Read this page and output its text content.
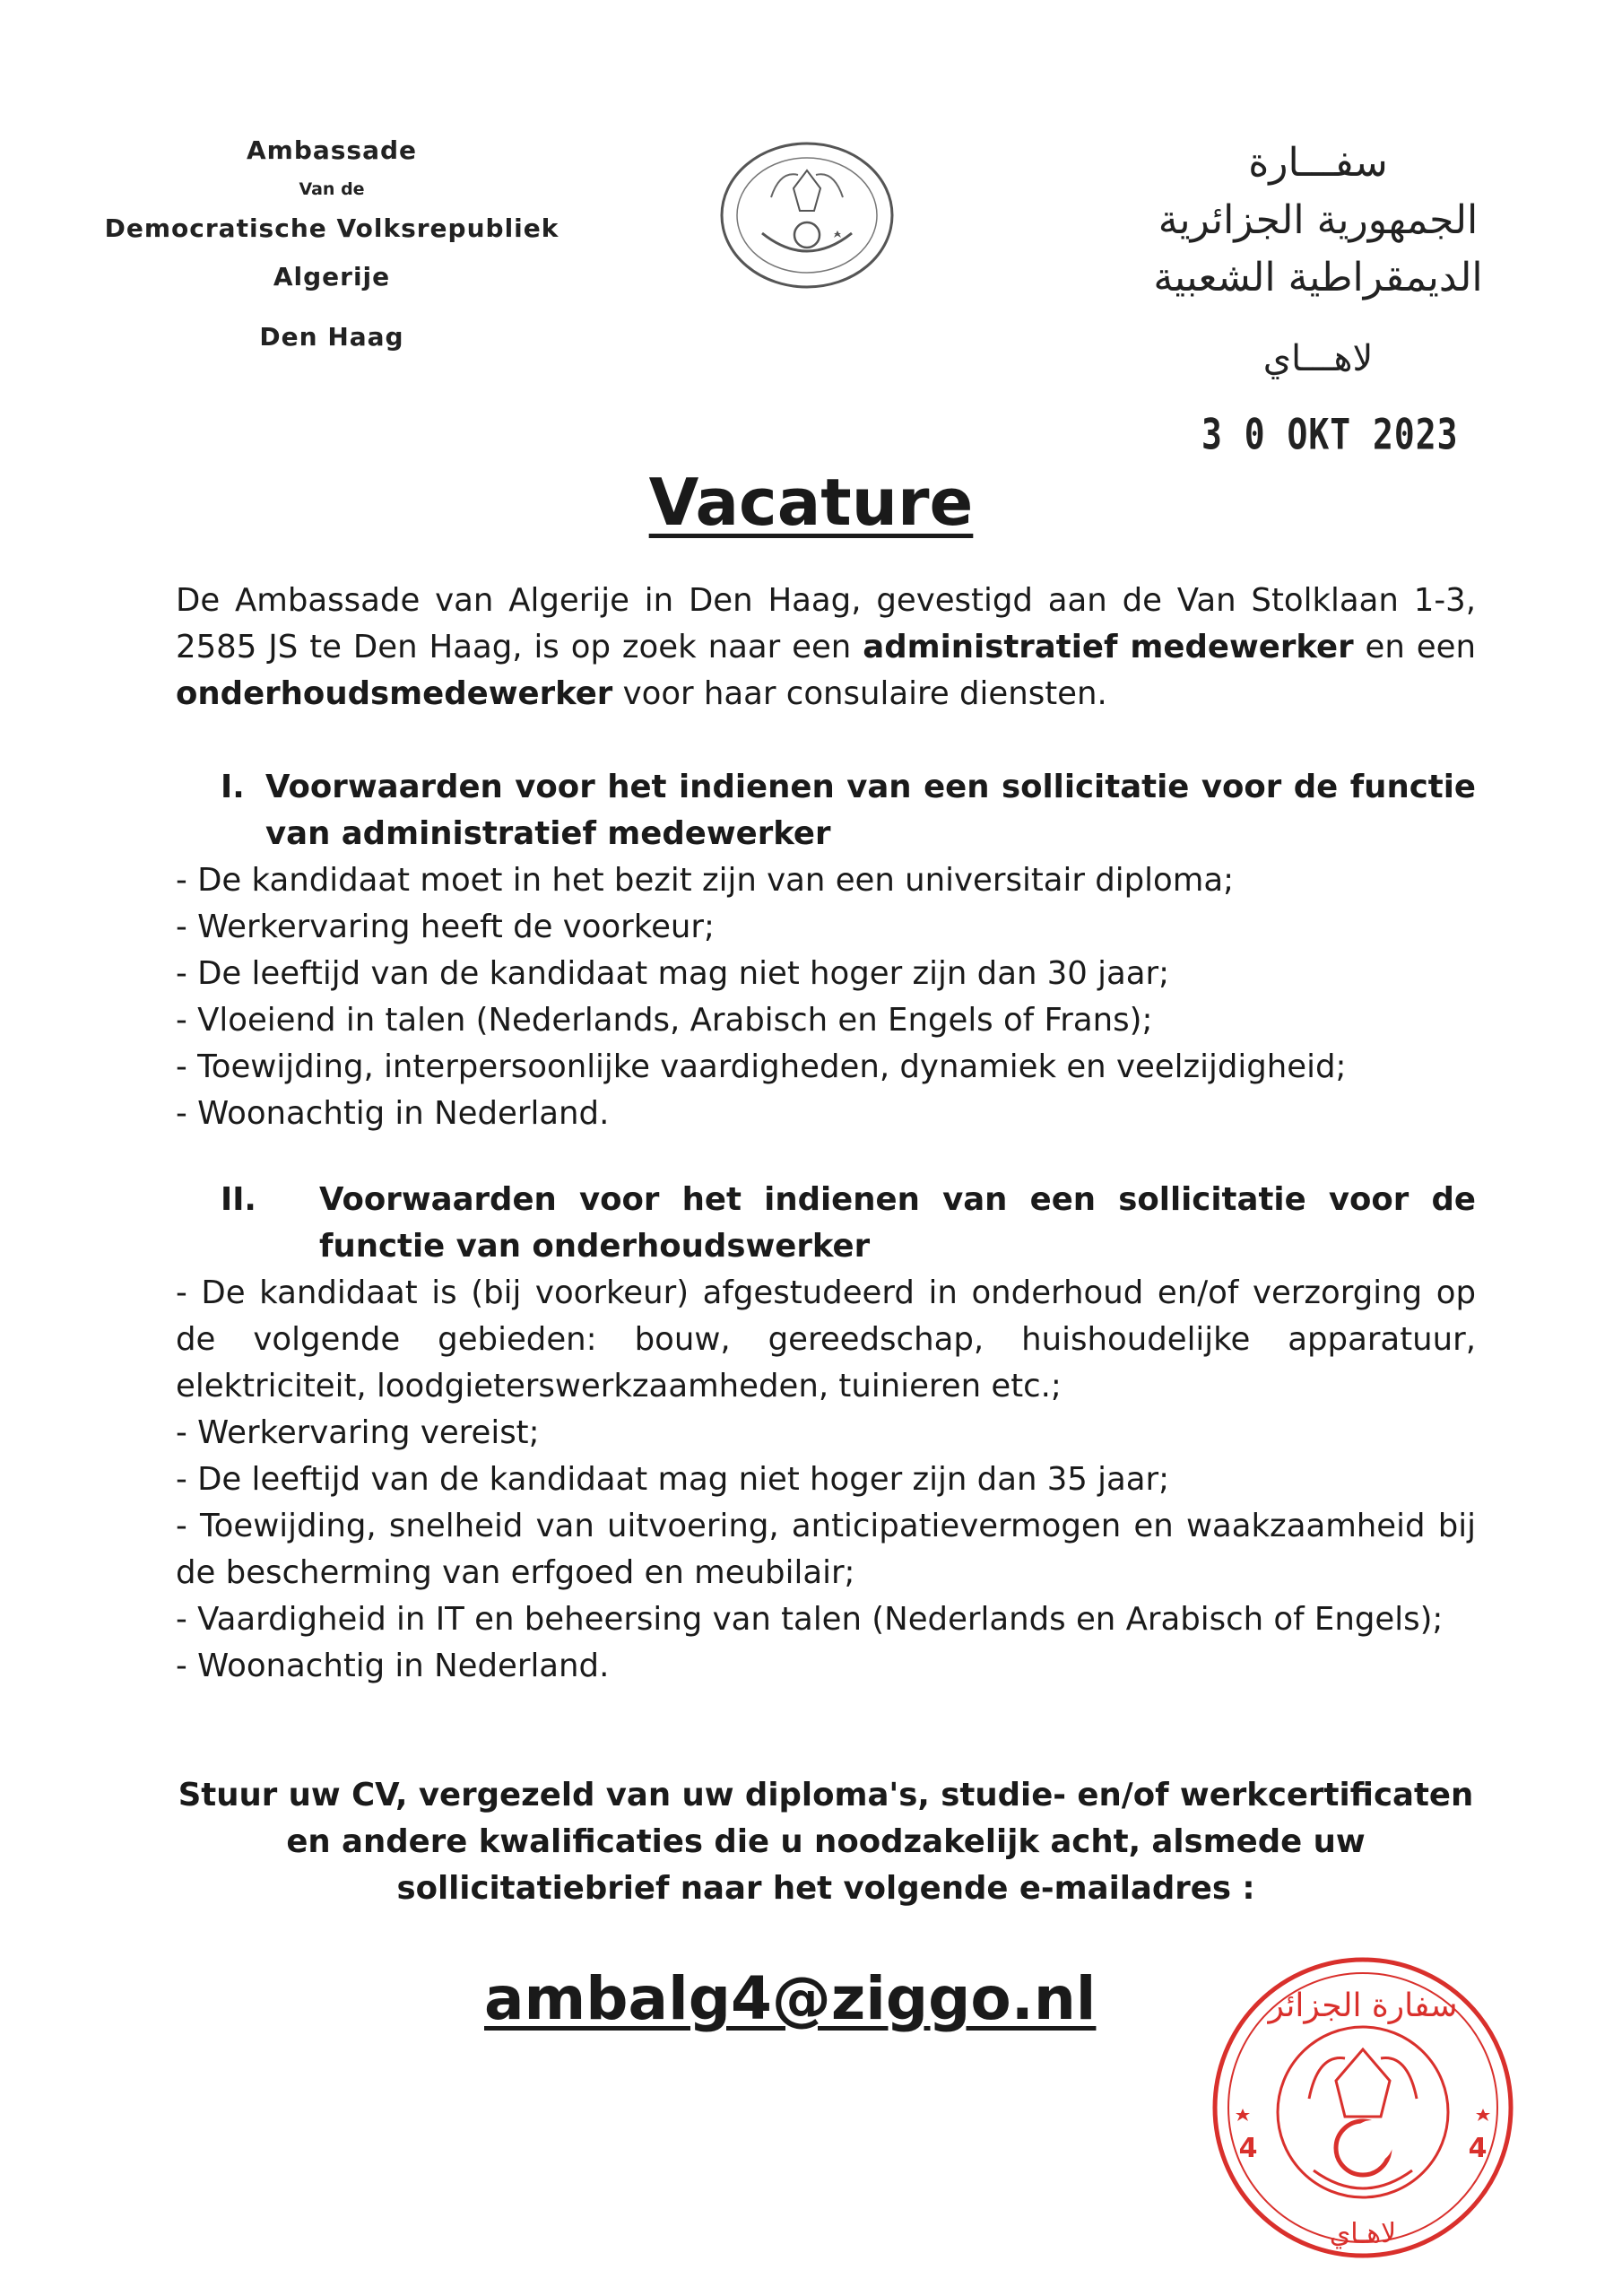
Ambassade
Van de
Democratische Volksrepubliek
Algerije
Den Haag
سفـــارة
الجمهورية الجزائرية
الديمقراطية الشعبية
لاهـــاي
3 0 OKT 2023
Vacature
De Ambassade van Algerije in Den Haag, gevestigd aan de Van Stolklaan 1-3, 2585 JS te Den Haag, is op zoek naar een administratief medewerker en een onderhoudsmedewerker voor haar consulaire diensten.
I. Voorwaarden voor het indienen van een sollicitatie voor de functie van administratief medewerker
- De kandidaat moet in het bezit zijn van een universitair diploma;
- Werkervaring heeft de voorkeur;
- De leeftijd van de kandidaat mag niet hoger zijn dan 30 jaar;
- Vloeiend in talen (Nederlands, Arabisch en Engels of Frans);
- Toewijding, interpersoonlijke vaardigheden, dynamiek en veelzijdigheid;
- Woonachtig in Nederland.
II. Voorwaarden voor het indienen van een sollicitatie voor de functie van onderhoudswerker
- De kandidaat is (bij voorkeur) afgestudeerd in onderhoud en/of verzorging op de volgende gebieden: bouw, gereedschap, huishoudelijke apparatuur, elektriciteit, loodgieterswerkzaamheden, tuinieren etc.;
- Werkervaring vereist;
- De leeftijd van de kandidaat mag niet hoger zijn dan 35 jaar;
- Toewijding, snelheid van uitvoering, anticipatievermogen en waakzaamheid bij de bescherming van erfgoed en meubilair;
- Vaardigheid in IT en beheersing van talen (Nederlands en Arabisch of Engels);
- Woonachtig in Nederland.
Stuur uw CV, vergezeld van uw diploma's, studie- en/of werkcertificaten en andere kwalificaties die u noodzakelijk acht, alsmede uw sollicitatiebrief naar het volgende e-mailadres :
ambalg4@ziggo.nl	سفارة الجزائر
4	4
لاهـاي
